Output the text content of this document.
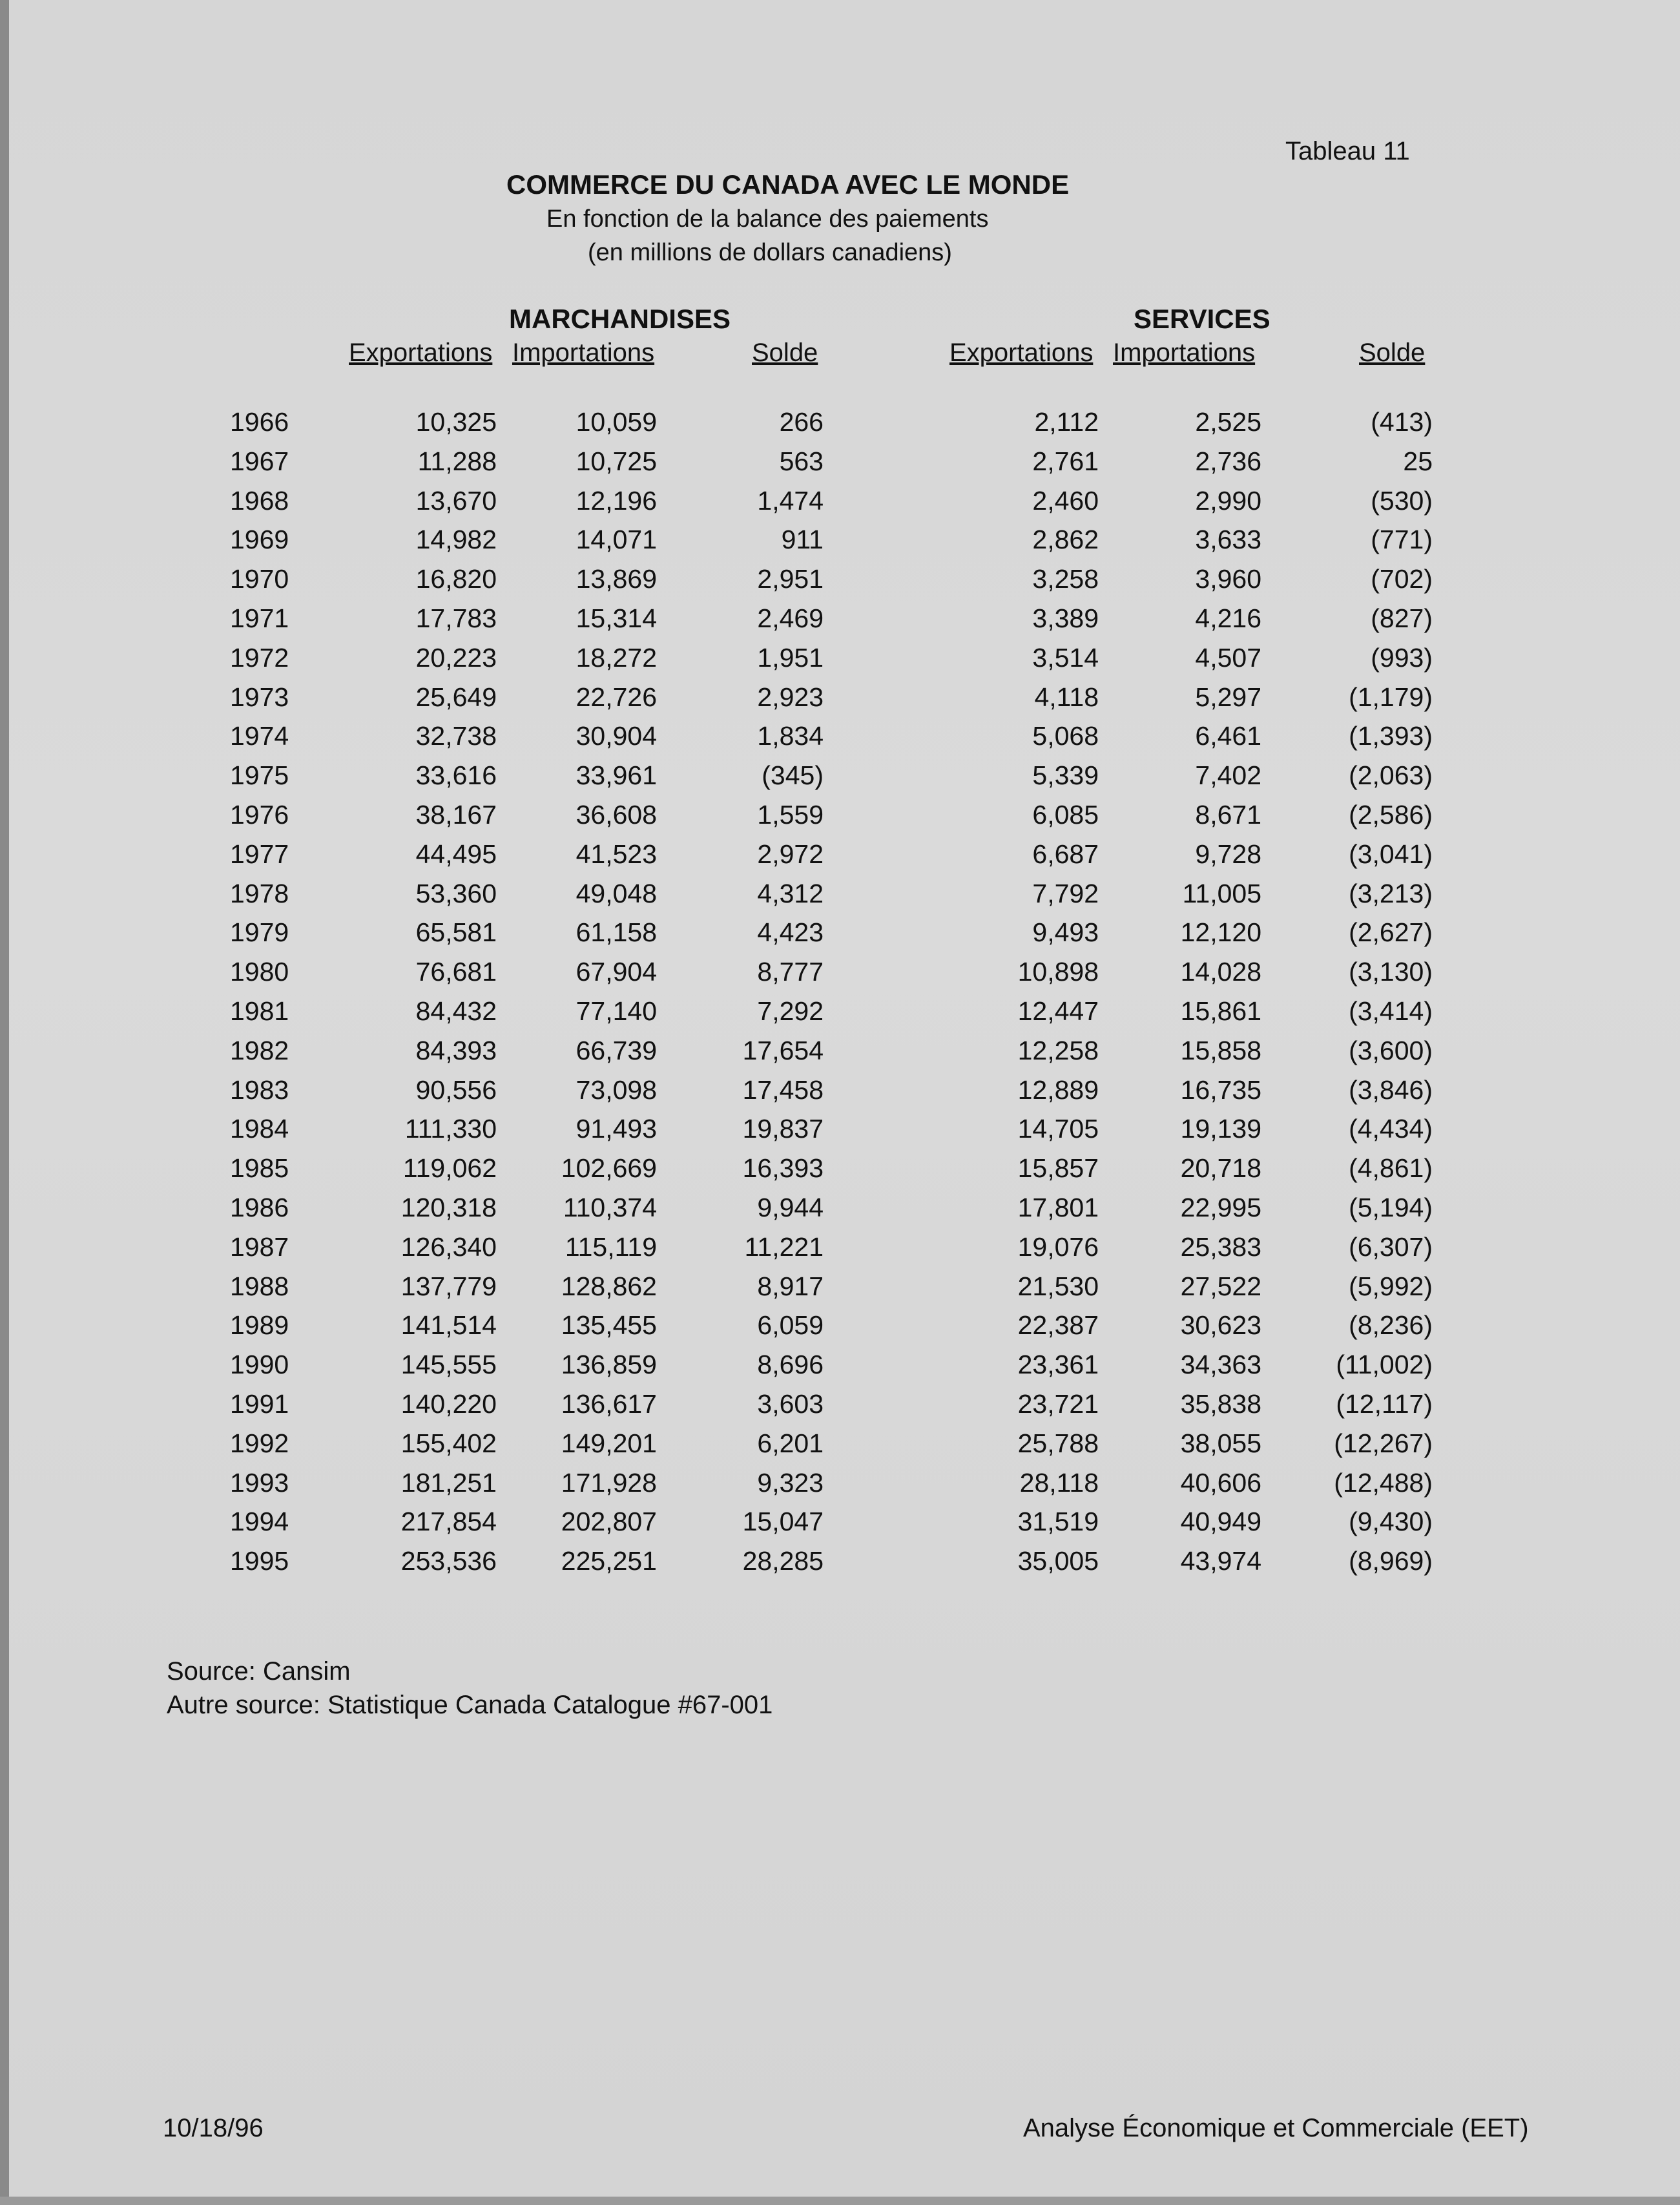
Tableau 11
COMMERCE DU CANADA AVEC LE MONDE
En fonction de la balance des paiements
(en millions de dollars canadiens)
MARCHANDISES	SERVICES
Exportations Importations	Solde	Exportations Importations	Solde
1966	10,325	10,059	266	2,112	2,525	(413)
1967	11,288	10,725	563	2,761	2,736	25
1968	13,670	12,196	1,474	2,460	2,990	(530)
1969	14,982	14,071	911	2,862	3,633	(771)
1970	16,820	13,869	2,951	3,258	3,960	(702)
1971	17,783	15,314	2,469	3,389	4,216	(827)
1972	20,223	18,272	1,951	3,514	4,507	(993)
1973	25,649	22,726	2,923	4,118	5,297	(1,179)
1974	32,738	30,904	1,834	5,068	6,461	(1,393)
1975	33,616	33,961	(345)	5,339	7,402	(2,063)
1976	38,167	36,608	1,559	6,085	8,671	(2,586)
1977	44,495	41,523	2,972	6,687	9,728	(3,041)
1978	53,360	49,048	4,312	7,792	11,005	(3,213)
1979	65,581	61,158	4,423	9,493	12,120	(2,627)
1980	76,681	67,904	8,777	10,898	14,028	(3,130)
1981	84,432	77,140	7,292	12,447	15,861	(3,414)
1982	84,393	66,739	17,654	12,258	15,858	(3,600)
1983	90,556	73,098	17,458	12,889	16,735	(3,846)
1984	111,330	91,493	19,837	14,705	19,139	(4,434)
1985	119,062 102,669	16,393	15,857	20,718	(4,861)
1986	120,318	110,374	9,944	17,801	22,995	(5,194)
1987	126,340	115,119	11,221	19,076	25,383	(6,307)
1988	137,779 128,862	8,917	21,530	27,522	(5,992)
1989	141,514 135,455	6,059	22,387	30,623	(8,236)
1990	145,555 136,859	8,696	23,361	34,363	(11,002)
1991	140,220 136,617	3,603	23,721	35,838	(12,117)
1992	155,402 149,201	6,201	25,788	38,055	(12,267)
1993	181,251 171,928	9,323	28,118	40,606	(12,488)
1994	217,854 202,807	15,047	31,519	40,949	(9,430)
1995	253,536 225,251	28,285	35,005	43,974	(8,969)
Source: Cansim
Autre source: Statistique Canada Catalogue #67-001
10/18/96	Analyse Économique et Commerciale (EET)
